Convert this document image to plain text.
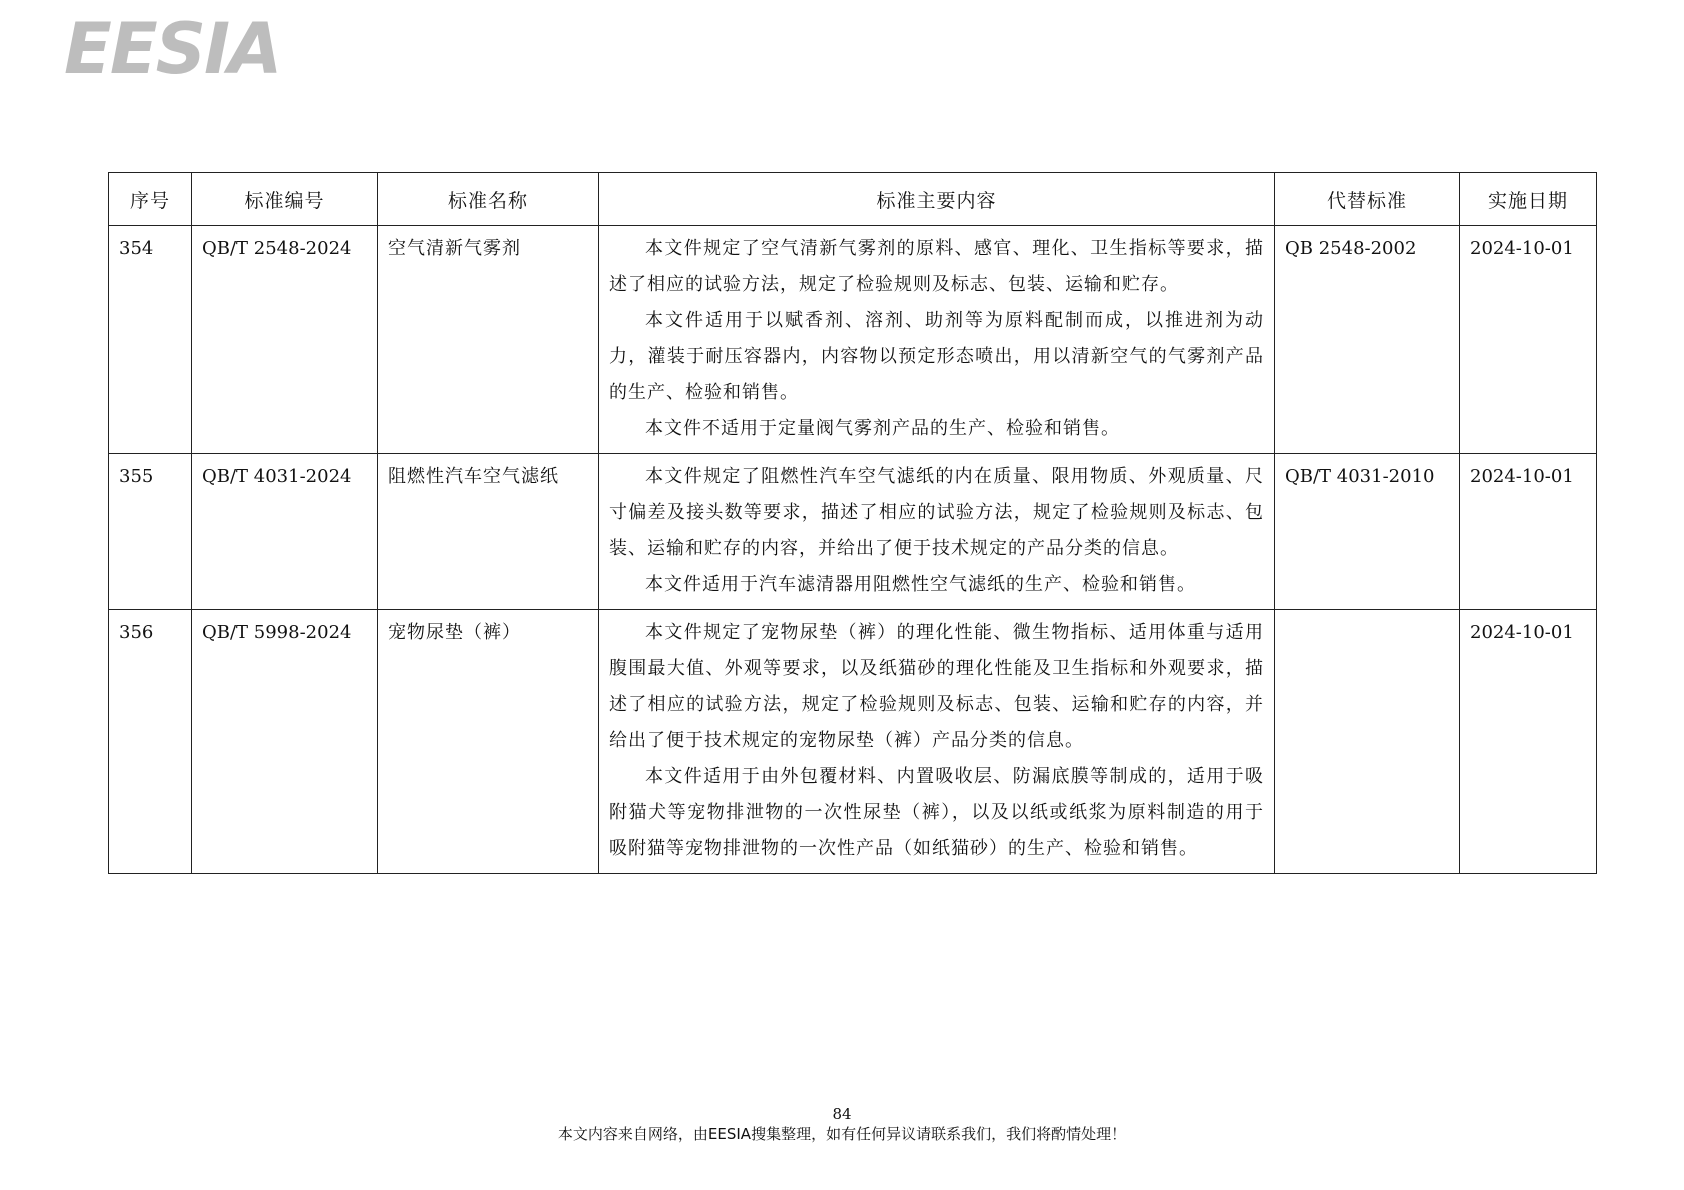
EESIA
序号	标准编号	标准名称	标准主要内容	代替标准	实施日期
354	QB/T 2548-2024	空气清新气雾剂	本文件规定了空气清新气雾剂的原料、感官、理化、卫生指标等要求，描述了相应的试验方法，规定了检验规则及标志、包装、运输和贮存。

本文件适用于以赋香剂、溶剂、助剂等为原料配制而成，以推进剂为动力，灌装于耐压容器内，内容物以预定形态喷出，用以清新空气的气雾剂产品的生产、检验和销售。

本文件不适用于定量阀气雾剂产品的生产、检验和销售。	QB 2548-2002	2024-10-01
355	QB/T 4031-2024	阻燃性汽车空气滤纸	本文件规定了阻燃性汽车空气滤纸的内在质量、限用物质、外观质量、尺寸偏差及接头数等要求，描述了相应的试验方法，规定了检验规则及标志、包装、运输和贮存的内容，并给出了便于技术规定的产品分类的信息。

本文件适用于汽车滤清器用阻燃性空气滤纸的生产、检验和销售。	QB/T 4031-2010	2024-10-01
356	QB/T 5998-2024	宠物尿垫（裤）	本文件规定了宠物尿垫（裤）的理化性能、微生物指标、适用体重与适用腹围最大值、外观等要求，以及纸猫砂的理化性能及卫生指标和外观要求，描述了相应的试验方法，规定了检验规则及标志、包装、运输和贮存的内容，并给出了便于技术规定的宠物尿垫（裤）产品分类的信息。

本文件适用于由外包覆材料、内置吸收层、防漏底膜等制成的，适用于吸附猫犬等宠物排泄物的一次性尿垫（裤），以及以纸或纸浆为原料制造的用于吸附猫等宠物排泄物的一次性产品（如纸猫砂）的生产、检验和销售。		2024-10-01
84
本文内容来自网络，由EESIA搜集整理，如有任何异议请联系我们，我们将酌情处理！
